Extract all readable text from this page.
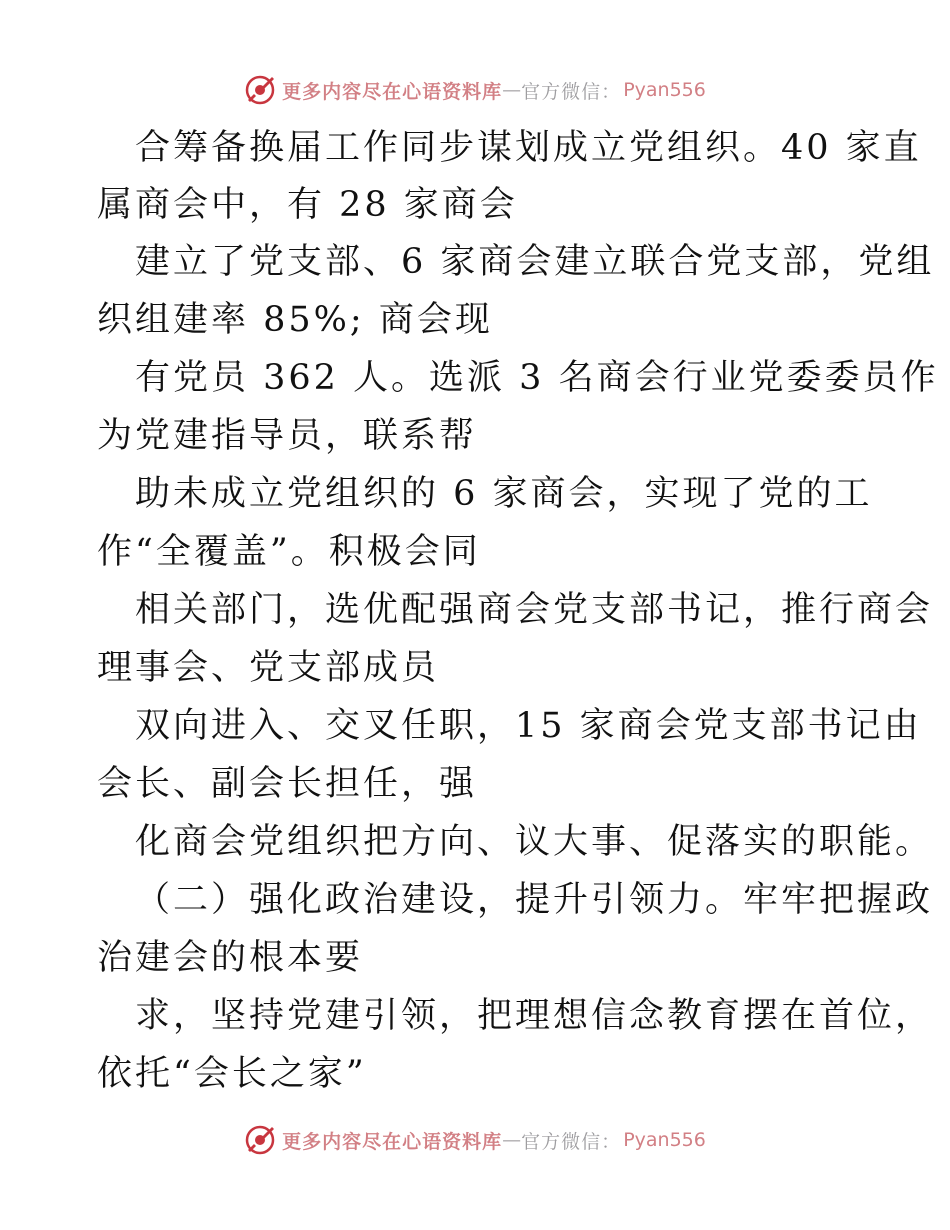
更多内容尽在心语资料库 — 官方微信： Pyan556
合筹备换届工作同步谋划成立党组织。40 家直
属商会中，有 28 家商会
建立了党支部、6 家商会建立联合党支部，党组
织组建率 85%; 商会现
有党员 362 人。选派 3 名商会行业党委委员作
为党建指导员，联系帮
助未成立党组织的 6 家商会，实现了党的工
作“全覆盖”。积极会同
相关部门，选优配强商会党支部书记，推行商会
理事会、党支部成员
双向进入、交叉任职，15 家商会党支部书记由
会长、副会长担任，强
化商会党组织把方向、议大事、促落实的职能。
（二）强化政治建设，提升引领力。牢牢把握政
治建会的根本要
求，坚持党建引领，把理想信念教育摆在首位，
依托“会长之家”
更多内容尽在心语资料库 — 官方微信： Pyan556
